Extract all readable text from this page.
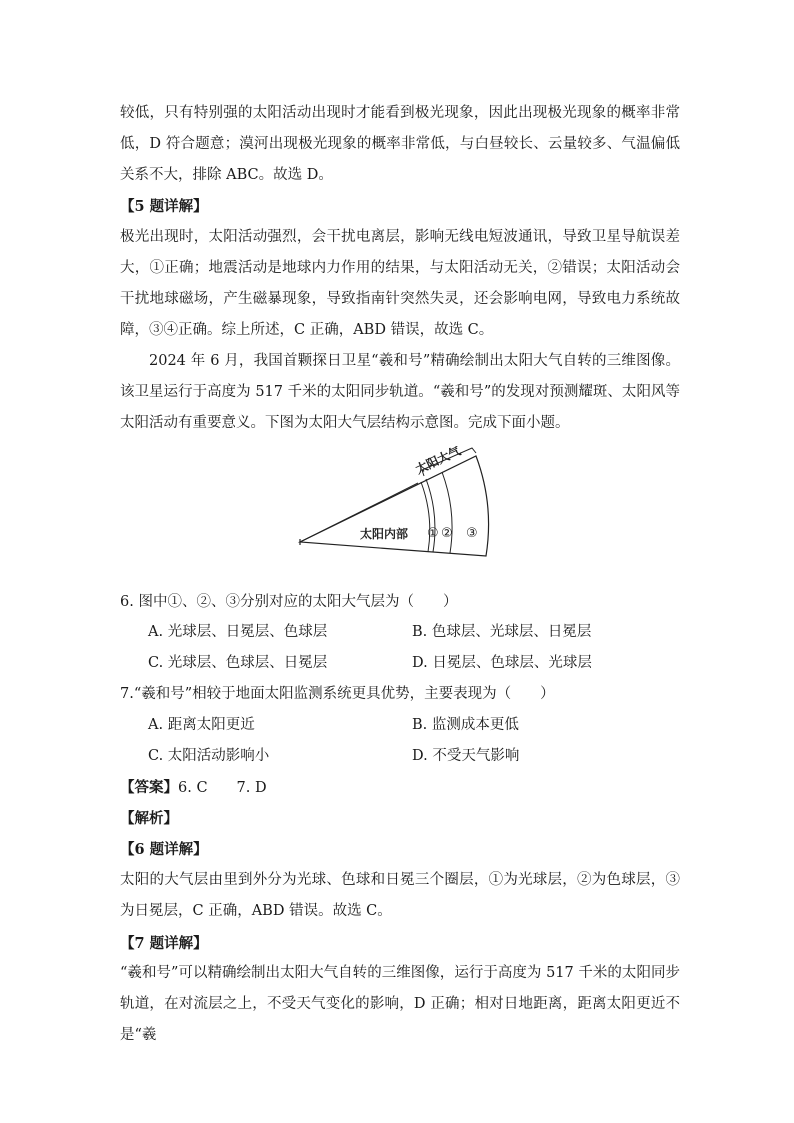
较低，只有特别强的太阳活动出现时才能看到极光现象，因此出现极光现象的概率非常低，D 符合题意；漠河出现极光现象的概率非常低，与白昼较长、云量较多、气温偏低关系不大，排除 ABC。故选 D。

【5 题详解】

极光出现时，太阳活动强烈，会干扰电离层，影响无线电短波通讯，导致卫星导航误差大，①正确；地震活动是地球内力作用的结果，与太阳活动无关，②错误；太阳活动会干扰地球磁场，产生磁暴现象，导致指南针突然失灵，还会影响电网，导致电力系统故障，③④正确。综上所述，C 正确，ABD 错误，故选 C。

2024 年 6 月，我国首颗探日卫星“羲和号”精确绘制出太阳大气自转的三维图像。该卫星运行于高度为 517 千米的太阳同步轨道。“羲和号”的发现对预测耀斑、太阳风等太阳活动有重要意义。下图为太阳大气层结构示意图。完成下面小题。

太阳大气
太阳内部 ① ② ③
6. 图中①、②、③分别对应的太阳大气层为（　　）
A. 光球层、日冕层、色球层	B. 色球层、光球层、日冕层
C. 光球层、色球层、日冕层	D. 日冕层、色球层、光球层
7.“羲和号”相较于地面太阳监测系统更具优势，主要表现为（　　）
A. 距离太阳更近	B. 监测成本更低
C. 太阳活动影响小	D. 不受天气影响
【答案】6. C　　7. D
【解析】
【6 题详解】

太阳的大气层由里到外分为光球、色球和日冕三个圈层，①为光球层，②为色球层，③为日冕层，C 正确，ABD 错误。故选 C。

【7 题详解】

“羲和号”可以精确绘制出太阳大气自转的三维图像，运行于高度为 517 千米的太阳同步轨道，在对流层之上，不受天气变化的影响，D 正确；相对日地距离，距离太阳更近不是“羲
